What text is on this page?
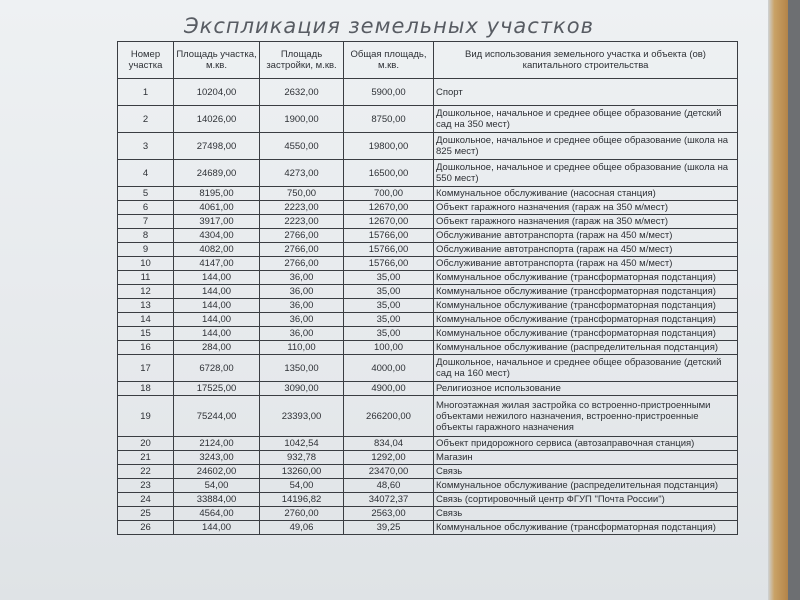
Экспликация земельных участков
Номер участка	Площадь участка, м.кв.	Площадь застройки, м.кв.	Общая площадь, м.кв.	Вид использования земельного участка и объекта (ов) капитального строительства
1	10204,00	2632,00	5900,00	Спорт
2	14026,00	1900,00	8750,00	Дошкольное, начальное и среднее общее образование (детский сад на 350 мест)
3	27498,00	4550,00	19800,00	Дошкольное, начальное и среднее общее образование (школа на 825 мест)
4	24689,00	4273,00	16500,00	Дошкольное, начальное и среднее общее образование (школа на 550 мест)
5	8195,00	750,00	700,00	Коммунальное обслуживание (насосная станция)
6	4061,00	2223,00	12670,00	Объект гаражного назначения (гараж на 350 м/мест)
7	3917,00	2223,00	12670,00	Объект гаражного назначения (гараж на 350 м/мест)
8	4304,00	2766,00	15766,00	Обслуживание автотранспорта (гараж на 450 м/мест)
9	4082,00	2766,00	15766,00	Обслуживание автотранспорта (гараж на 450 м/мест)
10	4147,00	2766,00	15766,00	Обслуживание автотранспорта (гараж на 450 м/мест)
11	144,00	36,00	35,00	Коммунальное обслуживание (трансформаторная подстанция)
12	144,00	36,00	35,00	Коммунальное обслуживание (трансформаторная подстанция)
13	144,00	36,00	35,00	Коммунальное обслуживание (трансформаторная подстанция)
14	144,00	36,00	35,00	Коммунальное обслуживание (трансформаторная подстанция)
15	144,00	36,00	35,00	Коммунальное обслуживание (трансформаторная подстанция)
16	284,00	110,00	100,00	Коммунальное обслуживание (распределительная подстанция)
17	6728,00	1350,00	4000,00	Дошкольное, начальное и среднее общее образование (детский сад на 160 мест)
18	17525,00	3090,00	4900,00	Религиозное использование
19	75244,00	23393,00	266200,00	Многоэтажная жилая застройка со встроенно-пристроенными объектами нежилого назначения, встроенно-пристроенные объекты гаражного назначения
20	2124,00	1042,54	834,04	Объект придорожного сервиса (автозаправочная станция)
21	3243,00	932,78	1292,00	Магазин
22	24602,00	13260,00	23470,00	Связь
23	54,00	54,00	48,60	Коммунальное обслуживание (распределительная подстанция)
24	33884,00	14196,82	34072,37	Связь (сортировочный центр ФГУП "Почта России")
25	4564,00	2760,00	2563,00	Связь
26	144,00	49,06	39,25	Коммунальное обслуживание (трансформаторная подстанция)
